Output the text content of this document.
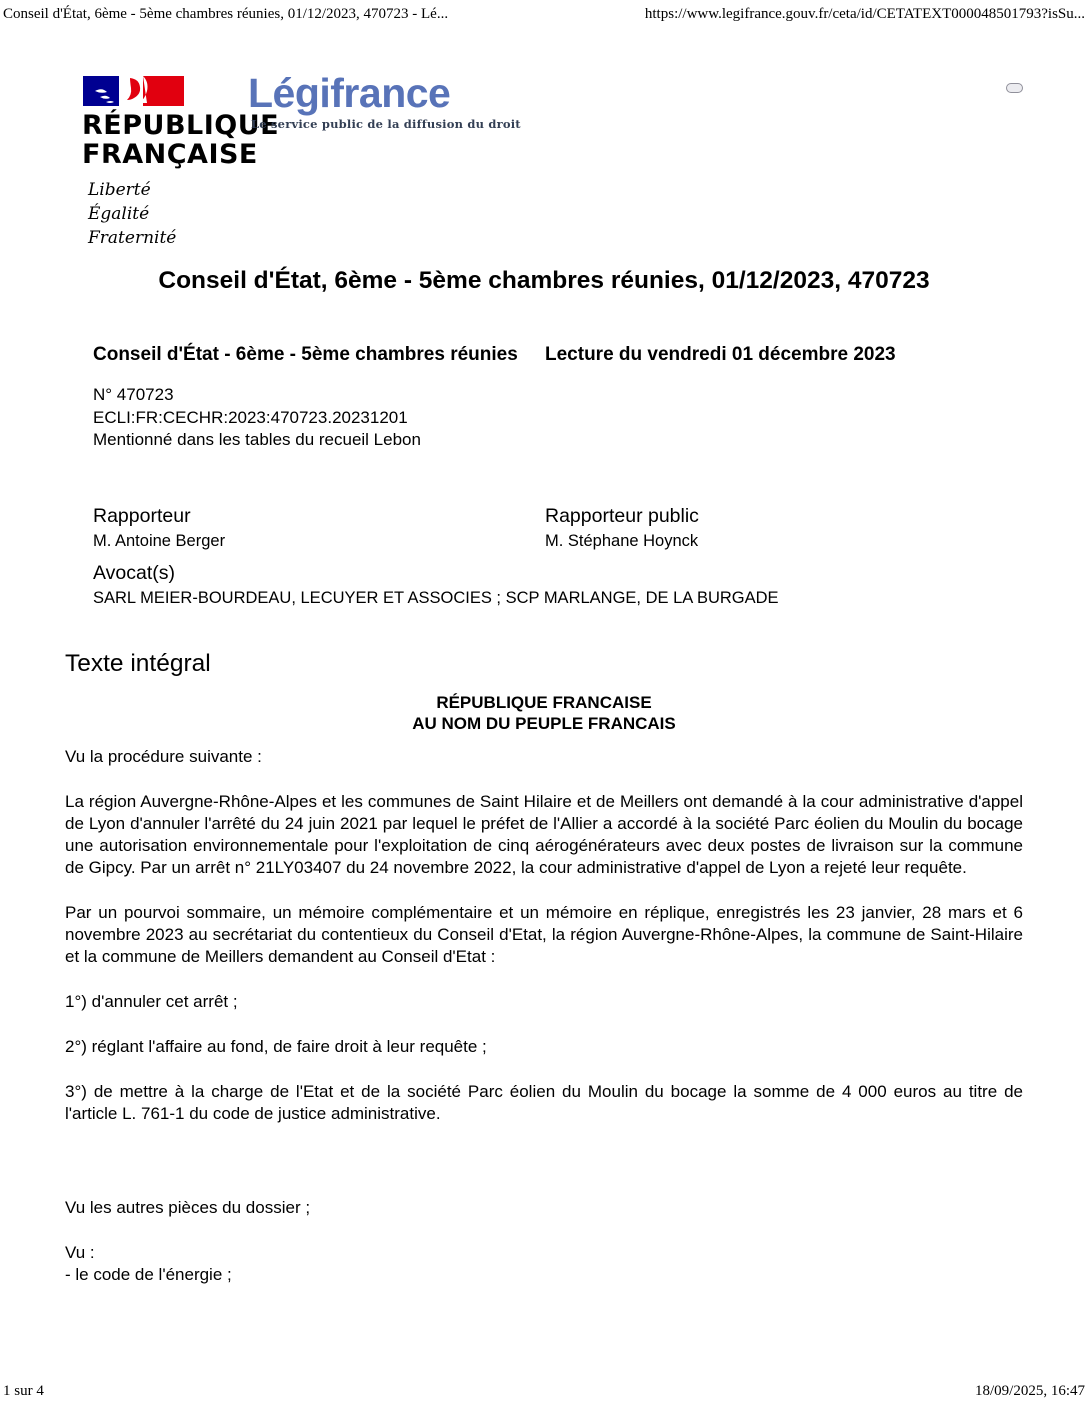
Conseil d'État, 6ème - 5ème chambres réunies, 01/12/2023, 470723 - Lé...	https://www.legifrance.gouv.fr/ceta/id/CETATEXT000048501793?isSu...
RÉPUBLIQUE
FRANÇAISE
Liberté
Égalité
Fraternité
Légifrance
Le service public de la diffusion du droit
Conseil d'État, 6ème - 5ème chambres réunies, 01/12/2023, 470723
Conseil d'État - 6ème - 5ème chambres réunies	Lecture du vendredi 01 décembre 2023
N° 470723
ECLI:FR:CECHR:2023:470723.20231201
Mentionné dans les tables du recueil Lebon
Rapporteur
M. Antoine Berger
Rapporteur public
M. Stéphane Hoynck
Avocat(s)
SARL MEIER-BOURDEAU, LECUYER ET ASSOCIES ; SCP MARLANGE, DE LA BURGADE
Texte intégral
RÉPUBLIQUE FRANCAISE
AU NOM DU PEUPLE FRANCAIS
Vu la procédure suivante :
La région Auvergne-Rhône-Alpes et les communes de Saint Hilaire et de Meillers ont demandé à la cour administrative d'appel de Lyon d'annuler l'arrêté du 24 juin 2021 par lequel le préfet de l'Allier a accordé à la société Parc éolien du Moulin du bocage une autorisation environnementale pour l'exploitation de cinq aérogénérateurs avec deux postes de livraison sur la commune de Gipcy. Par un arrêt n° 21LY03407 du 24 novembre 2022, la cour administrative d'appel de Lyon a rejeté leur requête.
Par un pourvoi sommaire, un mémoire complémentaire et un mémoire en réplique, enregistrés les 23 janvier, 28 mars et 6 novembre 2023 au secrétariat du contentieux du Conseil d'Etat, la région Auvergne-Rhône-Alpes, la commune de Saint-Hilaire et la commune de Meillers demandent au Conseil d'Etat :
1°) d'annuler cet arrêt ;
2°) réglant l'affaire au fond, de faire droit à leur requête ;
3°) de mettre à la charge de l'Etat et de la société Parc éolien du Moulin du bocage la somme de 4 000 euros au titre de l'article L. 761-1 du code de justice administrative.
Vu les autres pièces du dossier ;
Vu :
- le code de l'énergie ;
1 sur 4	18/09/2025, 16:47
